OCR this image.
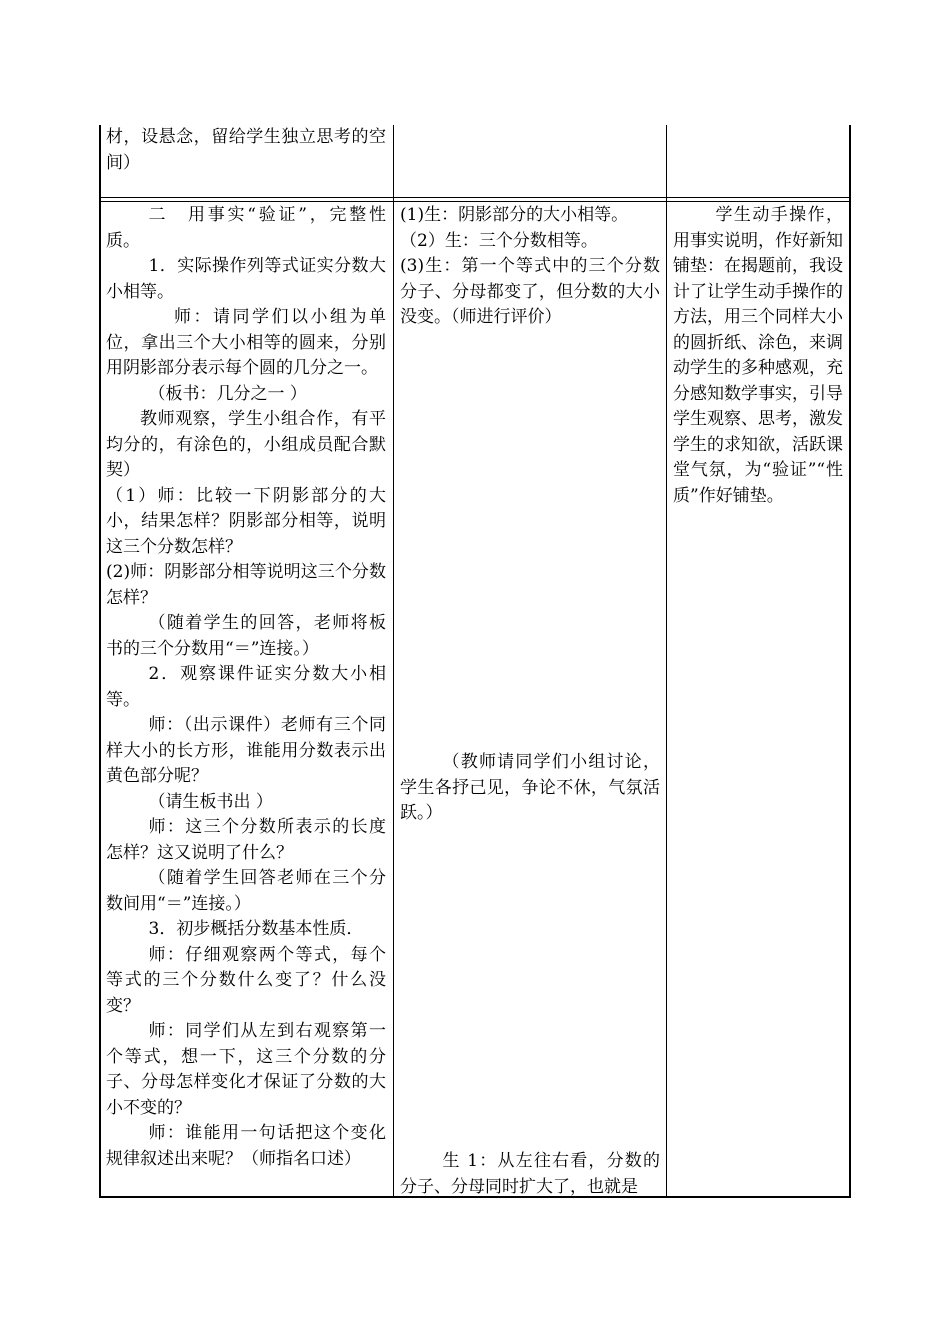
材，设悬念，留给学生独立思考的空间）

二　用事实“验证”，完整性质。

1．实际操作列等式证实分数大小相等。

师：请同学们以小组为单位，拿出三个大小相等的圆来，分别用阴影部分表示每个圆的几分之一。

（板书：几分之一 ）

教师观察，学生小组合作，有平均分的，有涂色的，小组成员配合默契）

（1）师：比较一下阴影部分的大小，结果怎样？阴影部分相等，说明这三个分数怎样？

(2)师：阴影部分相等说明这三个分数怎样？

（随着学生的回答，老师将板书的三个分数用“＝”连接。）

2．观察课件证实分数大小相等。

师：（出示课件）老师有三个同样大小的长方形，谁能用分数表示出黄色部分呢？

（请生板书出 ）

师：这三个分数所表示的长度怎样？这又说明了什么？

（随着学生回答老师在三个分数间用“＝”连接。）

3．初步概括分数基本性质．

师：仔细观察两个等式，每个等式的三个分数什么变了？什么没变？

师：同学们从左到右观察第一个等式，想一下，这三个分数的分子、分母怎样变化才保证了分数的大小不变的？

师：谁能用一句话把这个变化规律叙述出来呢？（师指名口述）

(1)生：阴影部分的大小相等。

（2）生：三个分数相等。

(3)生：第一个等式中的三个分数分子、分母都变了，但分数的大小没变。（师进行评价）

（教师请同学们小组讨论，学生各抒己见，争论不休，气氛活跃。）

生 1：从左往右看，分数的分子、分母同时扩大了，也就是

学生动手操作，用事实说明，作好新知铺垫：在揭题前，我设计了让学生动手操作的方法，用三个同样大小的圆折纸、涂色，来调动学生的多种感观，充分感知数学事实，引导学生观察、思考，激发学生的求知欲，活跃课堂气氛，为“验证”“性质”作好铺垫。
